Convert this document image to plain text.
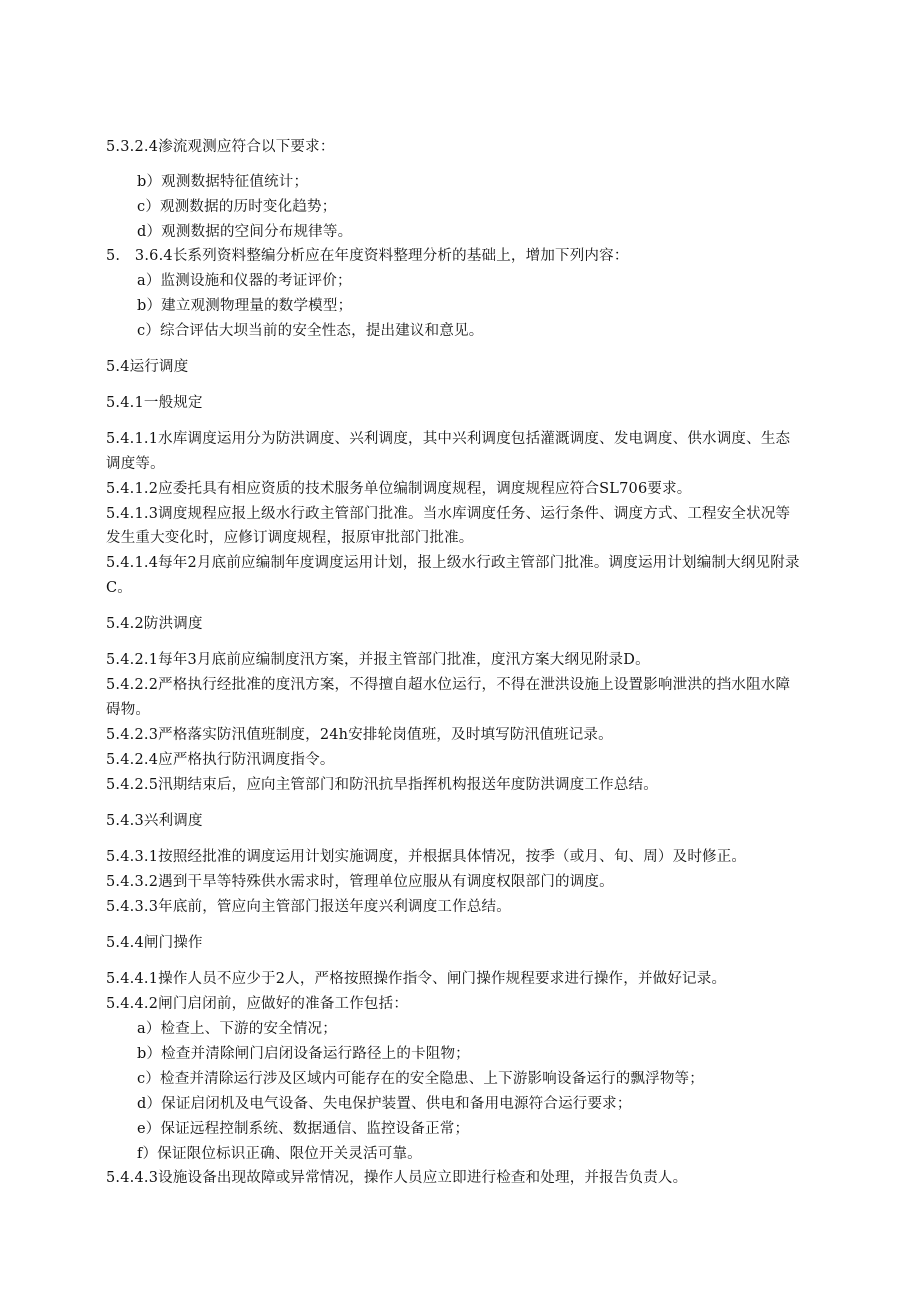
5.3.2.4渗流观测应符合以下要求：
b）观测数据特征值统计；
c）观测数据的历时变化趋势；
d）观测数据的空间分布规律等。
5.　3.6.4长系列资料整编分析应在年度资料整理分析的基础上，增加下列内容：
a）监测设施和仪器的考证评价；
b）建立观测物理量的数学模型；
c）综合评估大坝当前的安全性态，提出建议和意见。
5.4运行调度
5.4.1一般规定
5.4.1.1水库调度运用分为防洪调度、兴利调度，其中兴利调度包括灌溉调度、发电调度、供水调度、生态
调度等。
5.4.1.2应委托具有相应资质的技术服务单位编制调度规程，调度规程应符合SL706要求。
5.4.1.3调度规程应报上级水行政主管部门批准。当水库调度任务、运行条件、调度方式、工程安全状况等
发生重大变化时，应修订调度规程，报原审批部门批准。
5.4.1.4每年2月底前应编制年度调度运用计划，报上级水行政主管部门批准。调度运用计划编制大纲见附录
C。
5.4.2防洪调度
5.4.2.1每年3月底前应编制度汛方案，并报主管部门批准，度汛方案大纲见附录D。
5.4.2.2严格执行经批准的度汛方案，不得擅自超水位运行，不得在泄洪设施上设置影响泄洪的挡水阻水障
碍物。
5.4.2.3严格落实防汛值班制度，24h安排轮岗值班，及时填写防汛值班记录。
5.4.2.4应严格执行防汛调度指令。
5.4.2.5汛期结束后，应向主管部门和防汛抗旱指挥机构报送年度防洪调度工作总结。
5.4.3兴利调度
5.4.3.1按照经批准的调度运用计划实施调度，并根据具体情况，按季（或月、旬、周）及时修正。
5.4.3.2遇到干旱等特殊供水需求时，管理单位应服从有调度权限部门的调度。
5.4.3.3年底前，管应向主管部门报送年度兴利调度工作总结。
5.4.4闸门操作
5.4.4.1操作人员不应少于2人，严格按照操作指令、闸门操作规程要求进行操作，并做好记录。
5.4.4.2闸门启闭前，应做好的准备工作包括：
a）检查上、下游的安全情况；
b）检查并清除闸门启闭设备运行路径上的卡阻物；
c）检查并清除运行涉及区域内可能存在的安全隐患、上下游影响设备运行的飘浮物等；
d）保证启闭机及电气设备、失电保护装置、供电和备用电源符合运行要求；
e）保证远程控制系统、数据通信、监控设备正常；
f）保证限位标识正确、限位开关灵活可靠。
5.4.4.3设施设备出现故障或异常情况，操作人员应立即进行检查和处理，并报告负责人。
